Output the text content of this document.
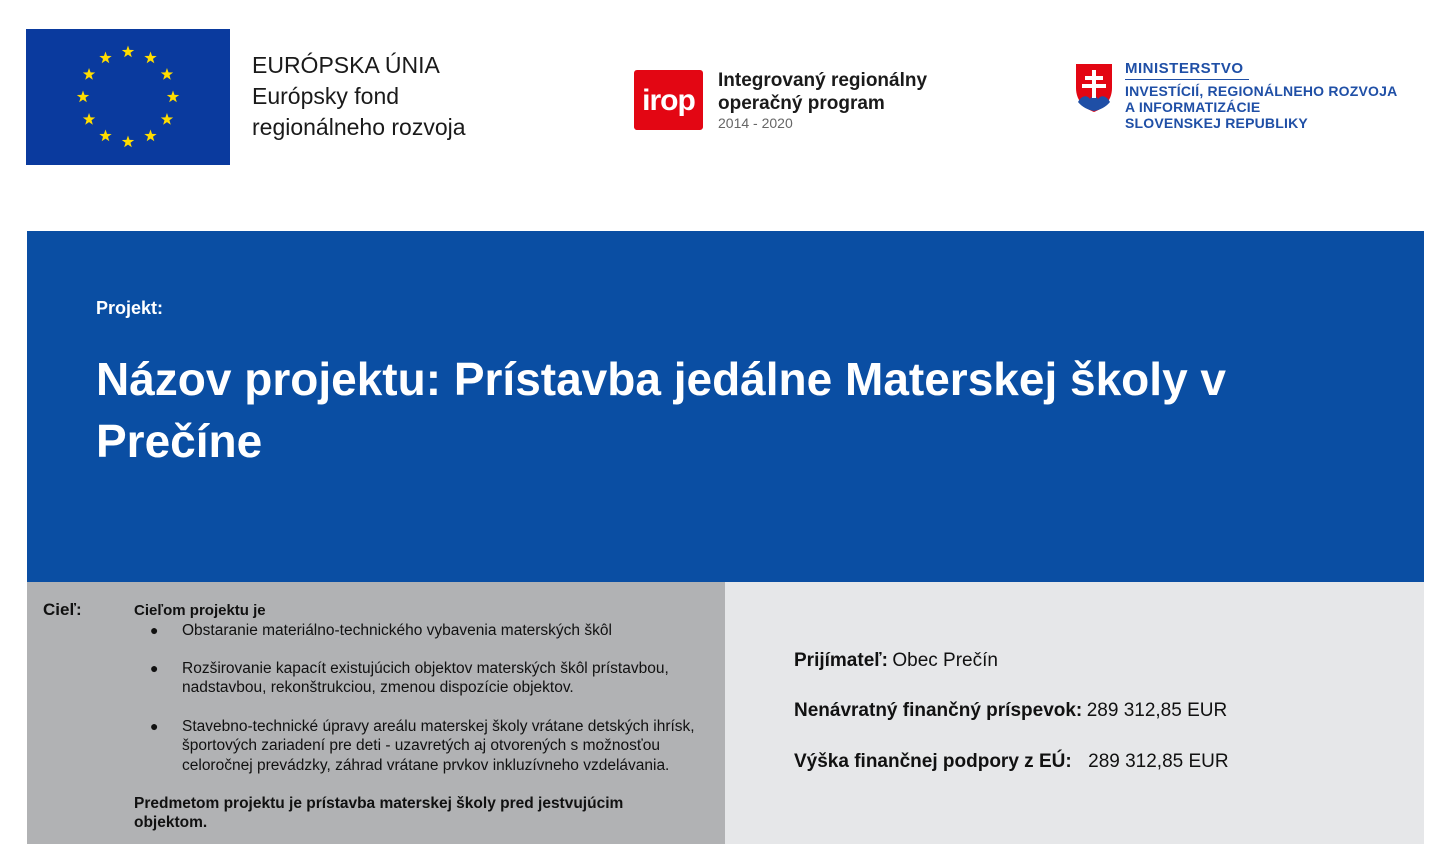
EURÓPSKA ÚNIA
Európsky fond
regionálneho rozvoja
irop
Integrovaný regionálny
operačný program
2014 - 2020
MINISTERSTVO
INVESTÍCIÍ, REGIONÁLNEHO ROZVOJA
A INFORMATIZÁCIE
SLOVENSKEJ REPUBLIKY
Projekt:
Názov projektu: Prístavba jedálne Materskej školy v Prečíne
Cieľ:	Cieľom projektu je
● Obstaranie materiálno-technického vybavenia materských škôl
● Rozširovanie kapacít existujúcich objektov materských škôl prístavbou, nadstavbou, rekonštrukciou, zmenou dispozície objektov.
● Stavebno-technické úpravy areálu materskej školy vrátane detských ihrísk, športových zariadení pre deti - uzavretých aj otvorených s možnosťou celoročnej prevádzky, záhrad vrátane prvkov inkluzívneho vzdelávania.
Predmetom projektu je prístavba materskej školy pred jestvujúcim objektom.
Prijímateľ: Obec Prečín
Nenávratný finančný príspevok: 289 312,85 EUR
Výška finančnej podpory z EÚ: 289 312,85 EUR
